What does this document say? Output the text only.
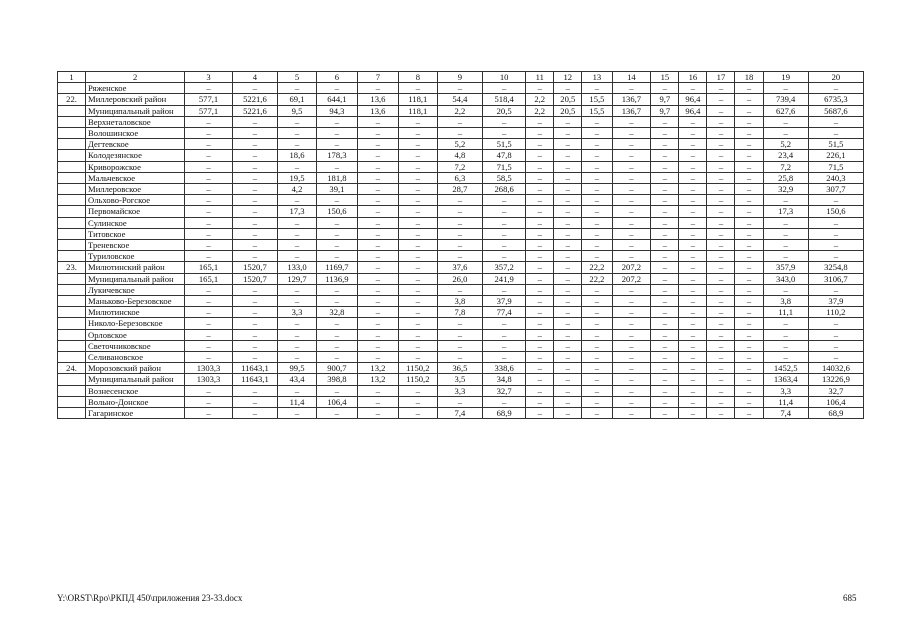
1	2	3	4	5	6	7	8	9	10	11	12	13	14	15	16	17	18	19	20
	Ряженское	–	–	–	–	–	–	–	–	–	–	–	–	–	–	–	–	–	–
22.	Миллеровский район	577,1	5221,6	69,1	644,1	13,6	118,1	54,4	518,4	2,2	20,5	15,5	136,7	9,7	96,4	–	–	739,4	6735,3
	Муниципальный район	577,1	5221,6	9,5	94,3	13,6	118,1	2,2	20,5	2,2	20,5	15,5	136,7	9,7	96,4	–	–	627,6	5687,6
	Верхнеталовское	–	–	–	–	–	–	–	–	–	–	–	–	–	–	–	–	–	–
	Волошинское	–	–	–	–	–	–	–	–	–	–	–	–	–	–	–	–	–	–
	Дегтевское	–	–	–	–	–	–	5,2	51,5	–	–	–	–	–	–	–	–	5,2	51,5
	Колодезянское	–	–	18,6	178,3	–	–	4,8	47,8	–	–	–	–	–	–	–	–	23,4	226,1
	Криворожское	–	–	–	–	–	–	7,2	71,5	–	–	–	–	–	–	–	–	7,2	71,5
	Мальчевское	–	–	19,5	181,8	–	–	6,3	58,5	–	–	–	–	–	–	–	–	25,8	240,3
	Миллеровское	–	–	4,2	39,1	–	–	28,7	268,6	–	–	–	–	–	–	–	–	32,9	307,7
	Ольхово-Рогское	–	–	–	–	–	–	–	–	–	–	–	–	–	–	–	–	–	–
	Первомайское	–	–	17,3	150,6	–	–	–	–	–	–	–	–	–	–	–	–	17,3	150,6
	Сулинское	–	–	–	–	–	–	–	–	–	–	–	–	–	–	–	–	–	–
	Титовское	–	–	–	–	–	–	–	–	–	–	–	–	–	–	–	–	–	–
	Треневское	–	–	–	–	–	–	–	–	–	–	–	–	–	–	–	–	–	–
	Туриловское	–	–	–	–	–	–	–	–	–	–	–	–	–	–	–	–	–	–
23.	Милютинский район	165,1	1520,7	133,0	1169,7	–	–	37,6	357,2	–	–	22,2	207,2	–	–	–	–	357,9	3254,8
	Муниципальный район	165,1	1520,7	129,7	1136,9	–	–	26,0	241,9	–	–	22,2	207,2	–	–	–	–	343,0	3106,7
	Лукичевское	–	–	–	–	–	–	–	–	–	–	–	–	–	–	–	–	–	–
	Маньково-Березовское	–	–	–	–	–	–	3,8	37,9	–	–	–	–	–	–	–	–	3,8	37,9
	Милютинское	–	–	3,3	32,8	–	–	7,8	77,4	–	–	–	–	–	–	–	–	11,1	110,2
	Николо-Березовское	–	–	–	–	–	–	–	–	–	–	–	–	–	–	–	–	–	–
	Орловское	–	–	–	–	–	–	–	–	–	–	–	–	–	–	–	–	–	–
	Светочниковское	–	–	–	–	–	–	–	–	–	–	–	–	–	–	–	–	–	–
	Селивановское	–	–	–	–	–	–	–	–	–	–	–	–	–	–	–	–	–	–
24.	Морозовский район	1303,3	11643,1	99,5	900,7	13,2	1150,2	36,5	338,6	–	–	–	–	–	–	–	–	1452,5	14032,6
	Муниципальный район	1303,3	11643,1	43,4	398,8	13,2	1150,2	3,5	34,8	–	–	–	–	–	–	–	–	1363,4	13226,9
	Вознесенское	–	–	–	–	–	–	3,3	32,7	–	–	–	–	–	–	–	–	3,3	32,7
	Вольно-Донское	–	–	11,4	106,4	–	–	–	–	–	–	–	–	–	–	–	–	11,4	106,4
	Гагаринское	–	–	–	–	–	–	7,4	68,9	–	–	–	–	–	–	–	–	7,4	68,9
Y:\ORST\Rpo\РКПД 450\приложения 23-33.docx	685
